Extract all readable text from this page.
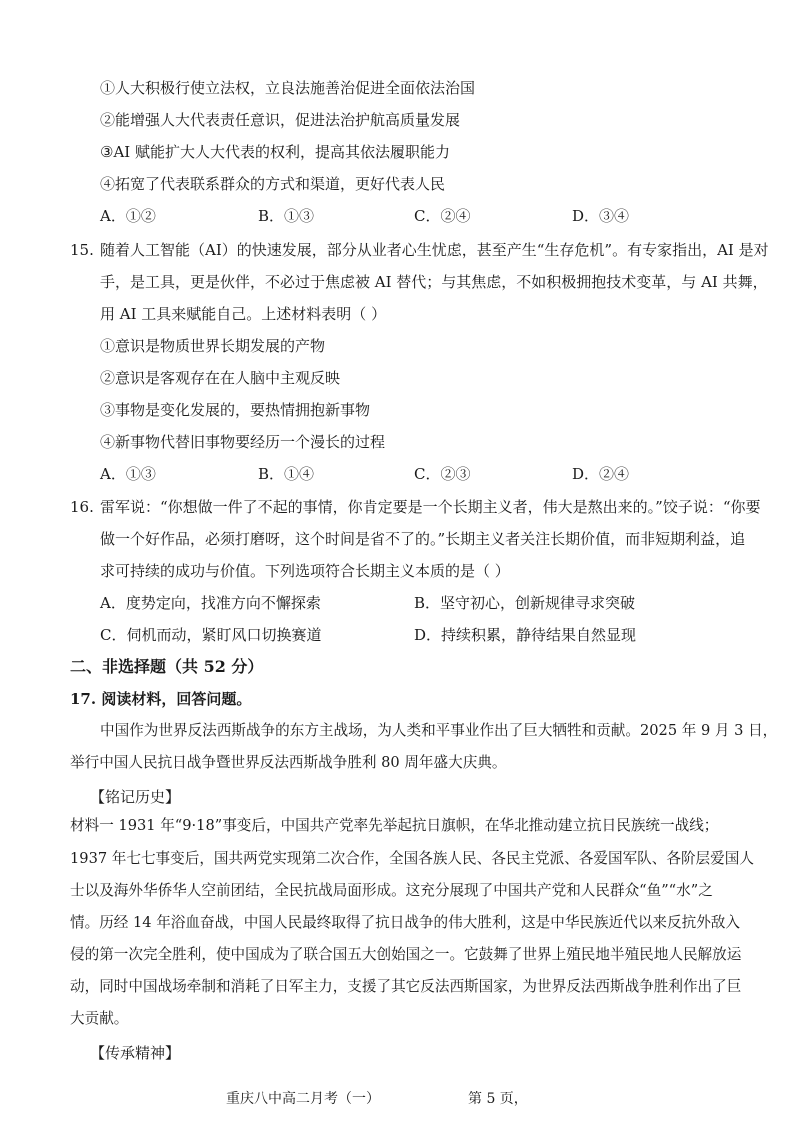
①人大积极行使立法权，立良法施善治促进全面依法治国
②能增强人大代表责任意识，促进法治护航高质量发展
③AI 赋能扩大人大代表的权利，提高其依法履职能力
④拓宽了代表联系群众的方式和渠道，更好代表人民
A．①②	B．①③	C．②④	D．③④
15. 随着人工智能（AI）的快速发展，部分从业者心生忧虑，甚至产生“生存危机”。有专家指出，AI 是对
手，是工具，更是伙伴，不必过于焦虑被 AI 替代；与其焦虑，不如积极拥抱技术变革，与 AI 共舞，
用 AI 工具来赋能自己。上述材料表明（ ）
①意识是物质世界长期发展的产物
②意识是客观存在在人脑中主观反映
③事物是变化发展的，要热情拥抱新事物
④新事物代替旧事物要经历一个漫长的过程
A．①③	B．①④	C．②③	D．②④
16. 雷军说：“你想做一件了不起的事情，你肯定要是一个长期主义者，伟大是熬出来的。”饺子说：“你要
做一个好作品，必须打磨呀，这个时间是省不了的。”长期主义者关注长期价值，而非短期利益，追
求可持续的成功与价值。下列选项符合长期主义本质的是（ ）
A．度势定向，找准方向不懈探索	B．坚守初心，创新规律寻求突破
C．伺机而动，紧盯风口切换赛道	D．持续积累，静待结果自然显现
二、非选择题（共 52 分）
17. 阅读材料，回答问题。
中国作为世界反法西斯战争的东方主战场，为人类和平事业作出了巨大牺牲和贡献。2025 年 9 月 3 日，
举行中国人民抗日战争暨世界反法西斯战争胜利 80 周年盛大庆典。
【铭记历史】
材料一 1931 年“9·18”事变后，中国共产党率先举起抗日旗帜，在华北推动建立抗日民族统一战线；
1937 年七七事变后，国共两党实现第二次合作，全国各族人民、各民主党派、各爱国军队、各阶层爱国人
士以及海外华侨华人空前团结，全民抗战局面形成。这充分展现了中国共产党和人民群众“鱼”“水”之
情。历经 14 年浴血奋战，中国人民最终取得了抗日战争的伟大胜利，这是中华民族近代以来反抗外敌入
侵的第一次完全胜利，使中国成为了联合国五大创始国之一。它鼓舞了世界上殖民地半殖民地人民解放运
动，同时中国战场牵制和消耗了日军主力，支援了其它反法西斯国家，为世界反法西斯战争胜利作出了巨
大贡献。
【传承精神】
重庆八中高二月考（一）	第 5 页，
